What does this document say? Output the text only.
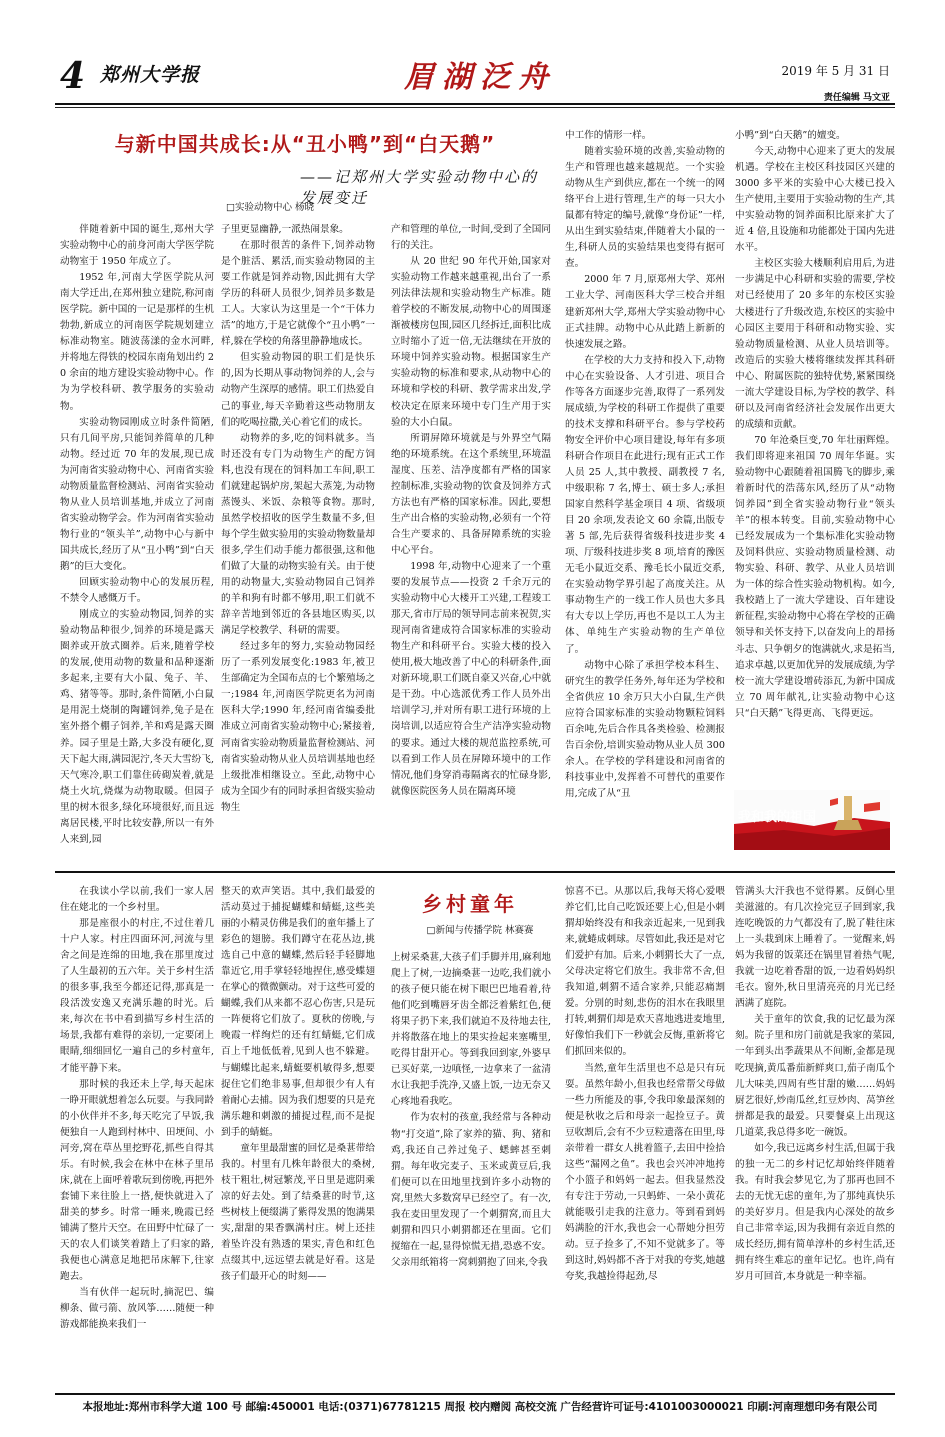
4 郑州大学报	眉湖泛舟	2019 年 5 月 31 日
责任编辑 马文亚
与新中国共成长:从“丑小鸭”到“白天鹅”
——记郑州大学实验动物中心的发展变迁
□实验动物中心 杨晓

伴随着新中国的诞生,郑州大学实验动物中心的前身河南大学医学院动物室于 1950 年成立了。

1952 年,河南大学医学院从河南大学迁出,在郑州独立建院,称河南医学院。新中国的一记是那样的生机勃勃,新成立的河南医学院规划建立标准动物室。随波荡漾的金水河畔,并将地左得铁的校园东南角划出约 20 余亩的地方建设实验动物中心。作为为学校科研、教学服务的实验动物。

实验动物园刚成立时条件简陋,只有几间平房,只能饲养简单的几种动物。经过近 70 年的发展,现已成为河南省实验动物中心、河南省实验动物质量监督检测站、河南省实验动物从业人员培训基地,并成立了河南省实验动物学会。作为河南省实验动物行业的“领头羊”,动物中心与新中国共成长,经历了从“丑小鸭”到“白天鹅”的巨大变化。

回顾实验动物中心的发展历程,不禁令人感慨万千。

刚成立的实验动物园,饲养的实验动物品种很少,饲养的环境是露天圈养或开放式圈养。后来,随着学校的发展,使用动物的数量和品种逐渐多起来,主要有大小鼠、兔子、羊、鸡、猪等等。那时,条件简陋,小白鼠是用泥土烧制的陶罐饲养,兔子是在室外搭个棚子饲养,羊和鸡是露天圈养。园子里是土路,大多没有硬化,夏天下起大雨,满园泥泞,冬天大雪纷飞,天气寒冷,职工们靠住砖砌炭着,就是烧土火坑,烧煤为动物取暖。但园子里的树木很多,绿化环境很好,而且远离居民楼,平时比较安静,所以一有外人来到,园

子里更显幽静,一派热闹景象。

在那时很苦的条件下,饲养动物是个脏活、累活,而实验动物园的主要工作就是饲养动物,因此拥有大学学历的科研人员很少,饲养员多数是工人。大家认为这里是一个“干体力活”的地方,于是它就像个“丑小鸭”一样,躲在学校的角落里静静地成长。

但实验动物园的职工们是快乐的,因为长期从事动物饲养的人,会与动物产生深厚的感情。职工们热爱自己的事业,每天辛勤着这些动物朋友们的吃喝拉撒,关心着它们的成长。

动物养的多,吃的饲料就多。当时还没有专门为动物生产的配方饲料,也没有现在的饲料加工车间,职工们就建起锅炉房,架起大蒸笼,为动物蒸馒头、米饭、杂粮等食物。那时,虽然学校招收的医学生数量不多,但每个学生做实验用的实验动物数量却很多,学生们动手能力都很强,这和他们做了大量的动物实验有关。由于使用的动物量大,实验动物园自己饲养的羊和狗有时都不够用,职工们就不辞辛苦地到邻近的各县地区购买,以满足学校教学、科研的需要。

经过多年的努力,实验动物园经历了一系列发展变化:1983 年,被卫生部确定为全国布点的七个繁殖场之一;1984 年,河南医学院更名为河南医科大学;1990 年,经河南省编委批准成立河南省实验动物中心;紧接着,河南省实验动物质量监督检测站、河南省实验动物从业人员培训基地也经上级批准相继设立。至此,动物中心成为全国少有的同时承担省级实验动物生

产和管理的单位,一时间,受到了全国同行的关注。

从 20 世纪 90 年代开始,国家对实验动物工作越来越重视,出台了一系列法律法规和实验动物生产标准。随着学校的不断发展,动物中心的周围逐渐被楼房包围,园区几经拆迁,面积比成立时缩小了近一倍,无法继续在开放的环境中饲养实验动物。根据国家生产实验动物的标准和要求,从动物中心的环境和学校的科研、教学需求出发,学校决定在原来环境中专门生产用于实验的大小白鼠。

所谓屏障环境就是与外界空气隔绝的环境系统。在这个系统里,环境温湿度、压差、洁净度都有严格的国家控制标准,实验动物的饮食及饲养方式方法也有严格的国家标准。因此,要想生产出合格的实验动物,必须有一个符合生产要求的、具备屏障系统的实验中心平台。

1998 年,动物中心迎来了一个重要的发展节点——投资 2 千余万元的实验动物中心大楼开工兴建,工程竣工那天,省市厅局的领导同志前来祝贺,实现河南省建成符合国家标准的实验动物生产和科研平台。实验大楼的投入使用,极大地改善了中心的科研条件,面对新环境,职工们既自豪又兴奋,心中就是干劲。中心选派优秀工作人员外出培训学习,并对所有职工进行环境的上岗培训,以适应符合生产洁净实验动物的要求。通过大楼的规范监控系统,可以看到工作人员在屏障环境中的工作情况,他们身穿消毒隔离衣的忙碌身影,就像医院医务人员在隔离环境

中工作的情形一样。

随着实验环境的改善,实验动物的生产和管理也越来越规范。一个实验动物从生产到供应,都在一个统一的网络平台上进行管理,生产的每一只大小鼠都有特定的编号,就像“身份证”一样,从出生到实验结束,伴随着大小鼠的一生,科研人员的实验结果也变得有据可查。

2000 年 7 月,原郑州大学、郑州工业大学、河南医科大学三校合并组建新郑州大学,郑州大学实验动物中心正式挂牌。动物中心从此踏上新新的快速发展之路。

在学校的大力支持和投入下,动物中心在实验设备、人才引进、项目合作等各方面逐步完善,取得了一系列发展成绩,为学校的科研工作提供了重要的技术支撑和科研平台。参与学校药物安全评价中心项目建设,每年有多项科研合作项目在此进行;现有正式工作人员 25 人,其中教授、副教授 7 名,中级职称 7 名,博士、硕士多人;承担国家自然科学基金项目 4 项、省级项目 20 余项,发表论文 60 余篇,出版专著 5 部,先后获得省级科技进步奖 4 项、厅级科技进步奖 8 项,培育的豫医无毛小鼠近交系、豫毛长小鼠近交系,在实验动物学界引起了高度关注。从事动物生产的一线工作人员也大多具有大专以上学历,再也不是以工人为主体、单纯生产实验动物的生产单位了。

动物中心除了承担学校本科生、研究生的教学任务外,每年还为学校和全省供应 10 余万只大小白鼠,生产供应符合国家标准的实验动物颗粒饲料百余吨,先后合作具各类检验、检测报告百余份,培训实验动物从业人员 300 余人。在学校的学科建设和河南省的科技事业中,发挥着不可替代的重要作用,完成了从“丑

小鸭”到“白天鹅”的嬗变。

今天,动物中心迎来了更大的发展机遇。学校在主校区科技园区兴建的 3000 多平米的实验中心大楼已投入生产使用,主要用于实验动物的生产,其中实验动物的饲养面积比原来扩大了近 4 倍,且设施和功能都处于国内先进水平。

主校区实验大楼顺利启用后,为进一步满足中心科研和实验的需要,学校对已经使用了 20 多年的东校区实验大楼进行了升级改造,东校区的实验中心园区主要用于科研和动物实验、实验动物质量检测、从业人员培训等。改造后的实验大楼将继续发挥其科研中心、附属医院的独特优势,紧紧围绕一流大学建设目标,为学校的教学、科研以及河南省经济社会发展作出更大的成绩和贡献。

70 年沧桑巨变,70 年壮丽辉煌。我们即将迎来祖国 70 周年华诞。实验动物中心跟随着祖国腾飞的脚步,乘着新时代的浩荡东风,经历了从“动物饲养园”到全省实验动物行业“领头羊”的根本转变。目前,实验动物中心已经发展成为一个集标准化实验动物及饲料供应、实验动物质量检测、动物实验、科研、教学、从业人员培训为一体的综合性实验动物机构。如今,我校踏上了一流大学建设、百年建设新征程,实验动物中心将在学校的正确领导和关怀支持下,以奋发向上的昂扬斗志、只争朝夕的饱满就火,求是拓当,追求卓越,以更加优异的发展成绩,为学校一流大学建设增砖添瓦,为新中国成立 70 周年献礼,让实验动物中心这只“白天鹅”飞得更高、飞得更远。

我和我的祖国
乡村童年
□新闻与传播学院 林赛赛

在我读小学以前,我们一家人居住在姥北的一个乡村里。

那是座很小的村庄,不过住着几十户人家。村庄四面环河,河流与里舍之间是连绵的田地,我在那里度过了人生最初的五六年。关于乡村生活的很多事,我至今都还记得,那真是一段活泼安逸又充满乐趣的时光。后来,每次在书中看到描写乡村生活的场景,我都有难得的亲切,一定要闭上眼睛,细细回忆一遍自己的乡村童年,才能平静下来。

那时候的我还未上学,每天起床一睁开眼就想着怎么玩耍。与我同龄的小伙伴并不多,每天吃完了早饭,我便独自一人跑到村林中、田埂间、小河旁,窝在草丛里挖野花,抓些自得其乐。有时候,我会在林中在林子里吊床,就在上面呼着歌玩到傍晚,再把外套铺下来往脸上一搭,便快就进入了甜美的梦乡。时常一睡来,晚霞已经铺满了整片天空。在田野中忙碌了一天的农人们谈笑着踏上了归家的路,我便也心满意足地把吊床解下,往家跑去。

当有伙伴一起玩时,摘泥巴、编柳条、做弓箭、放风筝……随便一种游戏都能换来我们一

整天的欢声笑语。其中,我们最爱的活动莫过于捕捉蝴蝶和蜻蜓,这些美丽的小精灵仿佛是我们的童年播上了彩色的翅膀。我们蹲守在花丛边,挑选自己中意的蝴蝶,然后轻手轻脚地靠近它,用手掌轻轻地捏住,感受蝶翅在掌心的微微颤动。对于这些可爱的蝴蝶,我们从来都不忍心伤害,只是玩一阵便将它们放了。夏秋的傍晚,与晚霞一样绚烂的还有红蜻蜓,它们成百上千地低低着,见到人也不躲避。与蝴蝶比起来,蜻蜓要机敏得多,想要捉住它们绝非易事,但却很少有人有着耐心去捕。因为我们想要的只是充满乐趣和刺激的捕捉过程,而不是捉到手的蜻蜓。

童年里最甜蜜的回忆是桑葚带给我的。村里有几株年龄很大的桑树,枝干粗壮,树冠繁茂,平日里是遮阴乘凉的好去处。到了结桑葚的时节,这些树枝上便缀满了紫得发黑的饱满果实,甜甜的果香飘满村庄。树上还挂着坠许没有熟透的果实,青色和红色点缀其中,远远望去就是好看。这是孩子们最开心的时刻——

上树采桑葚,大孩子们手脚并用,麻利地爬上了树,一边摘桑葚一边吃,我们就小的孩子便只能在树下眼巴巴地看着,待他们吃到嘴唇牙齿全都泛着紫红色,便将果子扔下来,我们就迫不及待地去往,并将散落在地上的果实捡起来塞嘴里,吃得甘甜开心。等到我回到家,外婆早已买好菜,一边嗔怪,一边拿来了一盆清水让我把手洗净,又盛上饭,一边无奈又心疼地看我吃。

作为农村的孩童,我经常与各种动物“打交道”,除了家养的猫、狗、猪和鸡,我还自己养过兔子、蟋蟀甚至刺猬。每年收完麦子、玉米或黄豆后,我们便可以在田地里找到许多小动物的窝,里然大多数窝早已经空了。有一次,我在麦田里发现了一个刺猬窝,而且大刺猬和四只小刺猬都还在里面。它们搅缩在一起,显得惊慌无措,恐惑不安。父亲用纸箱将一窝刺猬抱了回来,令我

惊喜不已。从那以后,我每天将心爱喂养它们,比自己吃饭还要上心,但是小刺猬却始终没有和我亲近起来,一见到我来,就蜷成刺球。尽管如此,我还是对它们爱护有加。后来,小刺猬长大了一点,父母决定将它们放生。我非常不舍,但我知道,刺猬不适合家养,只能忍痛割爱。分别的时刻,悲伤的泪水在我眼里打转,刺猬们却是欢天喜地逃进麦地里,好像怕我们下一秒就会反悔,重新将它们抓回来似的。

当然,童年生活里也不总是只有玩耍。虽然年龄小,但我也经常帮父母做一些力所能及的事,令我印象最深刻的便是秋收之后和母亲一起捡豆子。黄豆收割后,会有不少豆粒遗落在田里,母亲带着一群女人挑着篮子,去田中捡拾这些“漏网之鱼”。我也会兴冲冲地挎个小篮子和妈妈一起去。但我显然没有专注于劳动,一只蚂蚱、一朵小黄花就能吸引走我的注意力。等到看到妈妈满脸的汗水,我也会一心帮她分担劳动。豆子捡多了,不知不觉就多了。等到这时,妈妈都不吝于对我的夸奖,她越夸奖,我越捡得起劲,尽

管满头大汗我也不觉得累。反倒心里美滋滋的。有几次捡完豆子回到家,我连吃晚饭的力气都没有了,脱了鞋往床上一头栽到床上睡着了。一觉醒来,妈妈为我留的饭菜还在锅里冒着热气呢,我就一边吃着香甜的饭,一边看妈妈织毛衣。窗外,秋日里清亮亮的月光已经洒满了庭院。

关于童年的饮食,我的记忆最为深刻。院子里和房门前就是我家的菜园,一年到头出季蔬果从不间断,金都是现吃现摘,黄瓜番茄新鲜爽口,茄子南瓜个儿大味美,四周有些甘甜的嫩……妈妈厨艺很好,炒南瓜丝,红豆炒肉、莴笋丝拼都是我的最爱。只要餐桌上出现这几道菜,我总得多吃一碗饭。

如今,我已远离乡村生活,但属于我的独一无二的乡村记忆却始终伴随着我。有时我会梦见它,为了那再也回不去的无忧无虑的童年,为了那纯真快乐的美好岁月。但是我内心深处的故乡自己非常幸运,因为我拥有亲近自然的成长经历,拥有简单淳朴的乡村生活,还拥有终生难忘的童年记忆。也许,尚有岁月可回首,本身就是一种幸福。

本报地址:郑州市科学大道 100 号 邮编:450001 电话:(0371)67781215 周报 校内赠阅 高校交流 广告经营许可证号:4101003000021 印刷:河南理想印务有限公司
